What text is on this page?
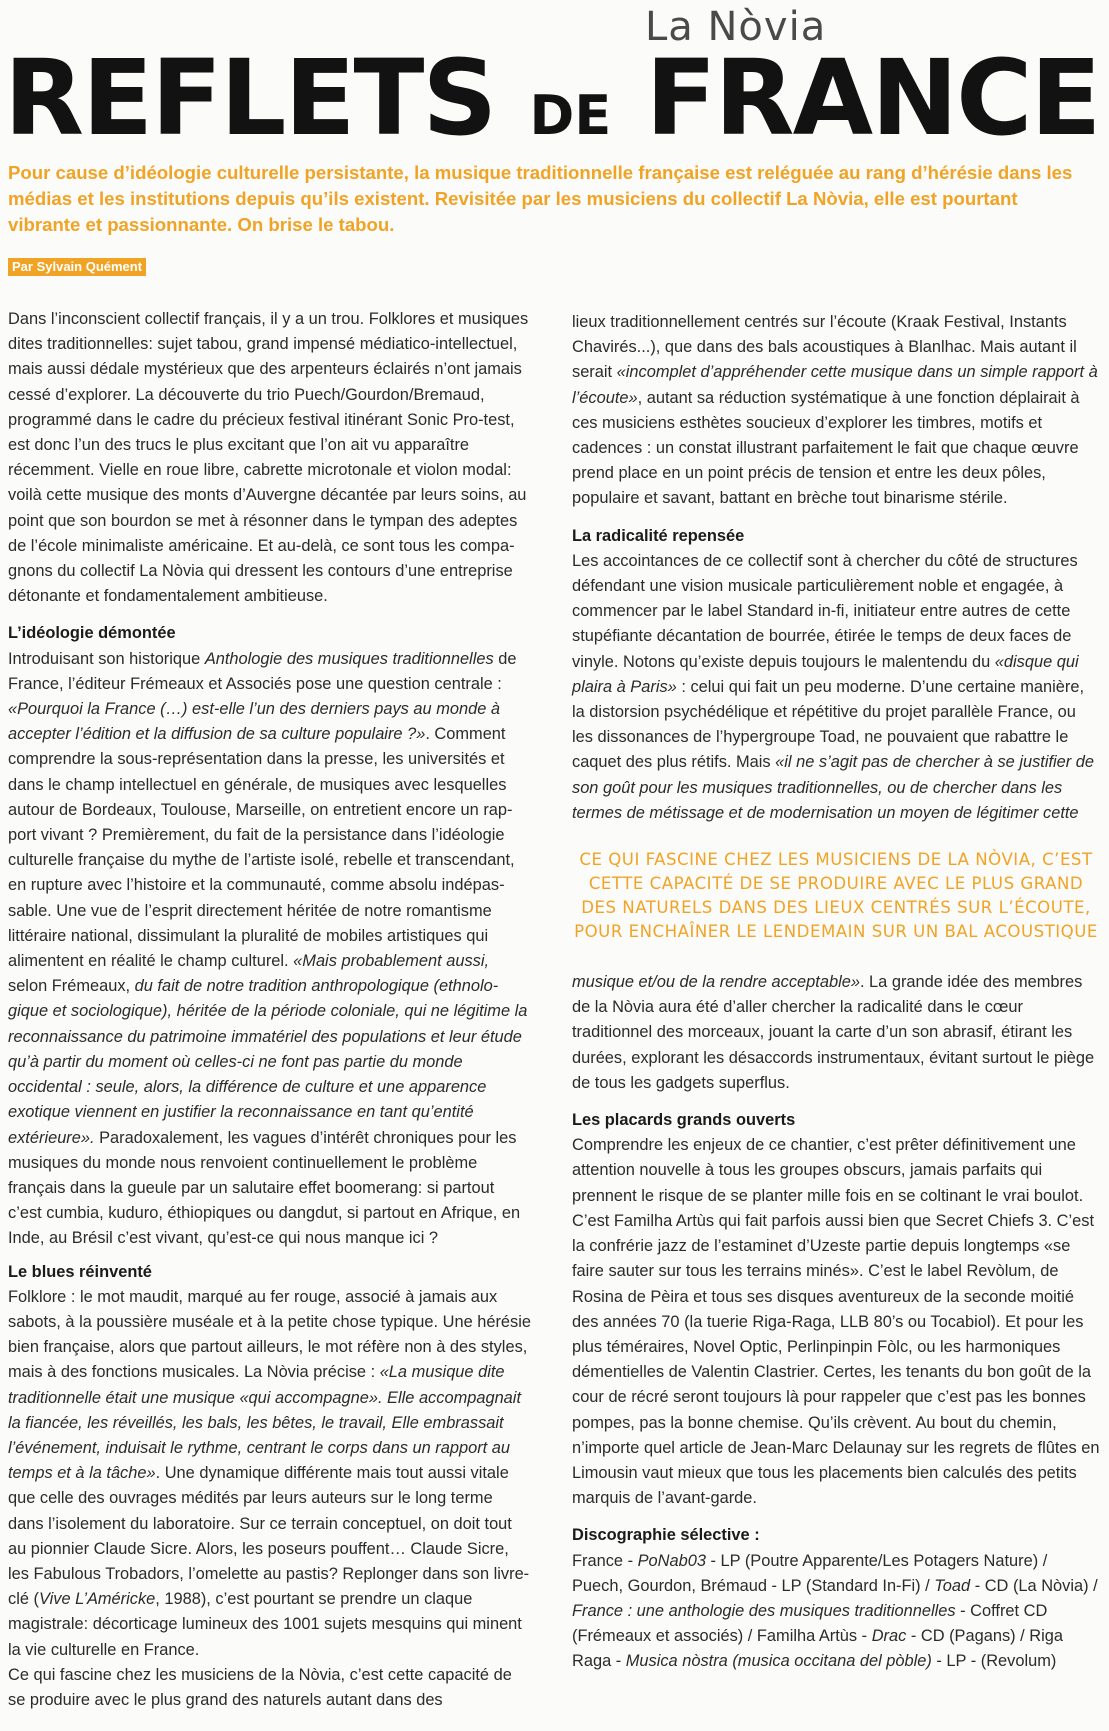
La Nòvia
REFLETS DE FRANCE
Pour cause d’idéologie culturelle persistante, la musique traditionnelle française est reléguée au rang d’hérésie dans les médias et les institutions depuis qu’ils existent. Revisitée par les musiciens du collectif La Nòvia, elle est pourtant vibrante et passionnante. On brise le tabou.
Par Sylvain Quément

Dans l’inconscient collectif français, il y a un trou. Folklores et musiques dites traditionnelles: sujet tabou, grand impensé médiatico-intellectuel, mais aussi dédale mystérieux que des arpenteurs éclairés n’ont jamais cessé d’explorer. La découverte du trio Puech/Gourdon/Bremaud, programmé dans le cadre du précieux festival itinérant Sonic Pro-test, est donc l’un des trucs le plus excitant que l’on ait vu apparaître récemment. Vielle en roue libre, cabrette microtonale et violon modal: voilà cette musique des monts d’Auvergne décantée par leurs soins, au point que son bourdon se met à résonner dans le tympan des adeptes de l’école minimaliste américaine. Et au-delà, ce sont tous les compa-gnons du collectif La Nòvia qui dressent les contours d’une entreprise détonante et fondamentalement ambitieuse.

L’idéologie démontée

Introduisant son historique Anthologie des musiques traditionnelles de France, l’éditeur Frémeaux et Associés pose une question centrale : «Pourquoi la France (…) est-elle l’un des derniers pays au monde à accepter l’édition et la diffusion de sa culture populaire ?». Comment comprendre la sous-représentation dans la presse, les universités et dans le champ intellectuel en générale, de musiques avec lesquelles autour de Bordeaux, Toulouse, Marseille, on entretient encore un rap-port vivant ? Premièrement, du fait de la persistance dans l’idéologie culturelle française du mythe de l’artiste isolé, rebelle et transcendant, en rupture avec l’histoire et la communauté, comme absolu indépas-sable. Une vue de l’esprit directement héritée de notre romantisme littéraire national, dissimulant la pluralité de mobiles artistiques qui alimentent en réalité le champ culturel. «Mais probablement aussi, selon Frémeaux, du fait de notre tradition anthropologique (ethnolo-gique et sociologique), héritée de la période coloniale, qui ne légitime la reconnaissance du patrimoine immatériel des populations et leur étude qu’à partir du moment où celles-ci ne font pas partie du monde occidental : seule, alors, la différence de culture et une apparence exotique viennent en justifier la reconnaissance en tant qu’entité extérieure». Paradoxalement, les vagues d’intérêt chroniques pour les musiques du monde nous renvoient continuellement le problème français dans la gueule par un salutaire effet boomerang: si partout c’est cumbia, kuduro, éthiopiques ou dangdut, si partout en Afrique, en Inde, au Brésil c’est vivant, qu’est-ce qui nous manque ici ?

Le blues réinventé

Folklore : le mot maudit, marqué au fer rouge, associé à jamais aux sabots, à la poussière muséale et à la petite chose typique. Une hérésie bien française, alors que partout ailleurs, le mot réfère non à des styles, mais à des fonctions musicales. La Nòvia précise : «La musique dite traditionnelle était une musique «qui accompagne». Elle accompagnait la fiancée, les réveillés, les bals, les bêtes, le travail, Elle embrassait l’événement, induisait le rythme, centrant le corps dans un rapport au temps et à la tâche». Une dynamique différente mais tout aussi vitale que celle des ouvrages médités par leurs auteurs sur le long terme dans l’isolement du laboratoire. Sur ce terrain conceptuel, on doit tout au pionnier Claude Sicre. Alors, les poseurs pouffent… Claude Sicre, les Fabulous Trobadors, l’omelette au pastis? Replonger dans son livre-clé (Vive L’Américke, 1988), c’est pourtant se prendre un claque magistrale: décorticage lumineux des 1001 sujets mesquins qui minent la vie culturelle en France.

Ce qui fascine chez les musiciens de la Nòvia, c’est cette capacité de se produire avec le plus grand des naturels autant dans des

lieux traditionnellement centrés sur l’écoute (Kraak Festival, Instants Chavirés...), que dans des bals acoustiques à Blanlhac. Mais autant il serait «incomplet d’appréhender cette musique dans un simple rapport à l’écoute», autant sa réduction systématique à une fonction déplairait à ces musiciens esthètes soucieux d’explorer les timbres, motifs et cadences : un constat illustrant parfaitement le fait que chaque œuvre prend place en un point précis de tension et entre les deux pôles, populaire et savant, battant en brèche tout binarisme stérile.

La radicalité repensée

Les accointances de ce collectif sont à chercher du côté de structures défendant une vision musicale particulièrement noble et engagée, à commencer par le label Standard in-fi, initiateur entre autres de cette stupéfiante décantation de bourrée, étirée le temps de deux faces de vinyle. Notons qu’existe depuis toujours le malentendu du «disque qui plaira à Paris» : celui qui fait un peu moderne. D’une certaine manière, la distorsion psychédélique et répétitive du projet parallèle France, ou les dissonances de l’hypergroupe Toad, ne pouvaient que rabattre le caquet des plus rétifs. Mais «il ne s’agit pas de chercher à se justifier de son goût pour les musiques traditionnelles, ou de chercher dans les termes de métissage et de modernisation un moyen de légitimer cette

CE QUI FASCINE CHEZ LES MUSICIENS DE LA NÒVIA, C’EST CETTE CAPACITÉ DE SE PRODUIRE AVEC LE PLUS GRAND DES NATURELS DANS DES LIEUX CENTRÉS SUR L’ÉCOUTE, POUR ENCHAÎNER LE LENDEMAIN SUR UN BAL ACOUSTIQUE

musique et/ou de la rendre acceptable». La grande idée des membres de la Nòvia aura été d’aller chercher la radicalité dans le cœur traditionnel des morceaux, jouant la carte d’un son abrasif, étirant les durées, explorant les désaccords instrumentaux, évitant surtout le piège de tous les gadgets superflus.

Les placards grands ouverts

Comprendre les enjeux de ce chantier, c’est prêter définitivement une attention nouvelle à tous les groupes obscurs, jamais parfaits qui prennent le risque de se planter mille fois en se coltinant le vrai boulot. C’est Familha Artùs qui fait parfois aussi bien que Secret Chiefs 3. C’est la confrérie jazz de l’estaminet d’Uzeste partie depuis longtemps «se faire sauter sur tous les terrains minés». C’est le label Revòlum, de Rosina de Pèira et tous ses disques aventureux de la seconde moitié des années 70 (la tuerie Riga-Raga, LLB 80’s ou Tocabiol). Et pour les plus téméraires, Novel Optic, Perlinpinpin Fòlc, ou les harmoniques démentielles de Valentin Clastrier. Certes, les tenants du bon goût de la cour de récré seront toujours là pour rappeler que c’est pas les bonnes pompes, pas la bonne chemise. Qu’ils crèvent. Au bout du chemin, n’importe quel article de Jean-Marc Delaunay sur les regrets de flûtes en Limousin vaut mieux que tous les placements bien calculés des petits marquis de l’avant-garde.

Discographie sélective :

France - PoNab03 - LP (Poutre Apparente/Les Potagers Nature) / Puech, Gourdon, Brémaud - LP (Standard In-Fi) / Toad - CD (La Nòvia) / France : une anthologie des musiques traditionnelles - Coffret CD (Frémeaux et associés) / Familha Artùs - Drac - CD (Pagans) / Riga Raga - Musica nòstra (musica occitana del pòble) - LP - (Revolum)
